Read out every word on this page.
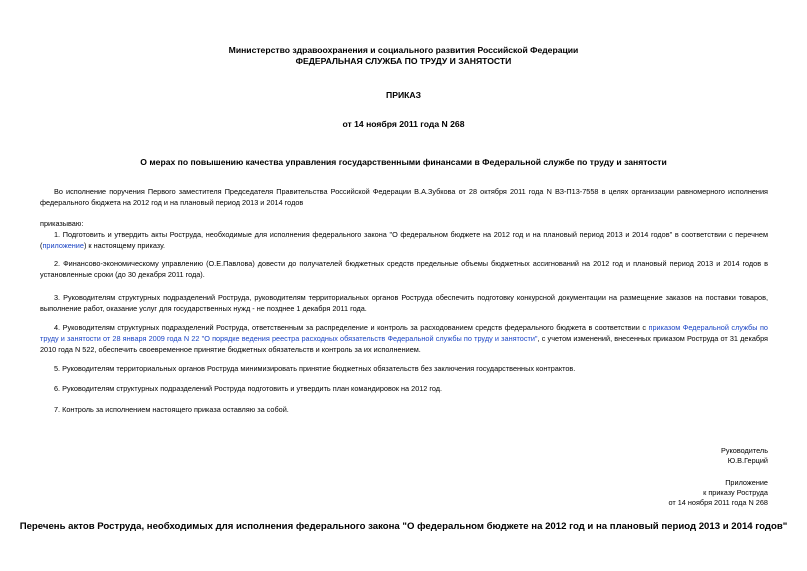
Министерство здравоохранения и социального развития Российской Федерации
ФЕДЕРАЛЬНАЯ СЛУЖБА ПО ТРУДУ И ЗАНЯТОСТИ
ПРИКАЗ
от 14 ноября 2011 года N 268
О мерах по повышению качества управления государственными финансами в Федеральной службе по труду и занятости
Во исполнение поручения Первого заместителя Председателя Правительства Российской Федерации В.А.Зубкова от 28 октября 2011 года N ВЗ-П13-7558 в целях организации равномерного исполнения федерального бюджета на 2012 год и на плановый период 2013 и 2014 годов
приказываю:
1. Подготовить и утвердить акты Роструда, необходимые для исполнения федерального закона "О федеральном бюджете на 2012 год и на плановый период 2013 и 2014 годов" в соответствии с перечнем (приложение) к настоящему приказу.
2. Финансово-экономическому управлению (О.Е.Павлова) довести до получателей бюджетных средств предельные объемы бюджетных ассигнований на 2012 год и плановый период 2013 и 2014 годов в установленные сроки (до 30 декабря 2011 года).
3. Руководителям структурных подразделений Роструда, руководителям территориальных органов Роструда обеспечить подготовку конкурсной документации на размещение заказов на поставки товаров, выполнение работ, оказание услуг для государственных нужд - не позднее 1 декабря 2011 года.
4. Руководителям структурных подразделений Роструда, ответственным за распределение и контроль за расходованием средств федерального бюджета в соответствии с приказом Федеральной службы по труду и занятости от 28 января 2009 года N 22 "О порядке ведения реестра расходных обязательств Федеральной службы по труду и занятости", с учетом изменений, внесенных приказом Роструда от 31 декабря 2010 года N 522, обеспечить своевременное принятие бюджетных обязательств и контроль за их исполнением.
5. Руководителям территориальных органов Роструда минимизировать принятие бюджетных обязательств без заключения государственных контрактов.
6. Руководителям структурных подразделений Роструда подготовить и утвердить план командировок на 2012 год.
7. Контроль за исполнением настоящего приказа оставляю за собой.
Руководитель
Ю.В.Герций
Приложение
к приказу Роструда
от 14 ноября 2011 года N 268
Перечень актов Роструда, необходимых для исполнения федерального закона "О федеральном бюджете на 2012 год и на плановый период 2013 и 2014 годов"
